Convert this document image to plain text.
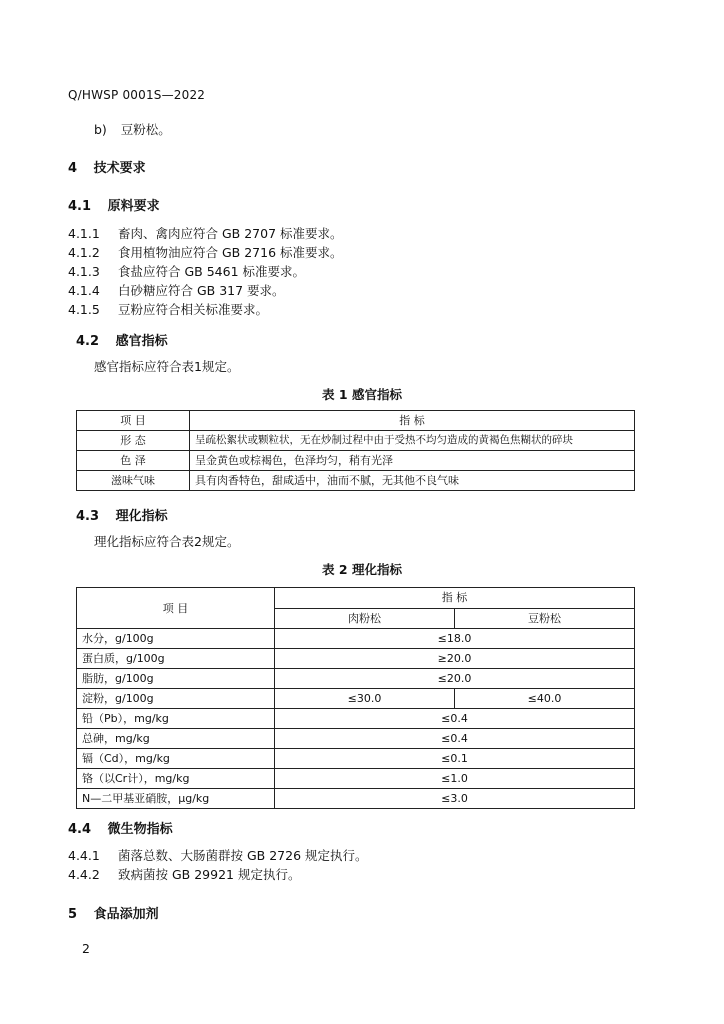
Q/HWSP 0001S—2022
b) 豆粉松。
4 技术要求
4.1 原料要求
4.1.1 畜肉、禽肉应符合 GB 2707 标准要求。
4.1.2 食用植物油应符合 GB 2716 标准要求。
4.1.3 食盐应符合 GB 5461 标准要求。
4.1.4 白砂糖应符合 GB 317 要求。
4.1.5 豆粉应符合相关标准要求。
4.2 感官指标
感官指标应符合表1规定。
表 1 感官指标
项 目	指 标
形 态	呈疏松絮状或颗粒状，无在炒制过程中由于受热不均匀造成的黄褐色焦糊状的碎块
色 泽	呈金黄色或棕褐色，色泽均匀，稍有光泽
滋味气味	具有肉香特色，甜咸适中，油而不腻，无其他不良气味
4.3 理化指标
理化指标应符合表2规定。
表 2 理化指标
项 目	指 标	
	肉粉松	豆粉松
水分，g/100g	≤18.0	
蛋白质，g/100g	≥20.0	
脂肪，g/100g	≤20.0	
淀粉，g/100g	≤30.0	≤40.0
铅（Pb），mg/kg	≤0.4	
总砷，mg/kg	≤0.4	
镉（Cd），mg/kg	≤0.1	
铬（以Cr计），mg/kg	≤1.0	
N—二甲基亚硝胺，μg/kg	≤3.0	
4.4 微生物指标
4.4.1 菌落总数、大肠菌群按 GB 2726 规定执行。
4.4.2 致病菌按 GB 29921 规定执行。
5 食品添加剂
2
